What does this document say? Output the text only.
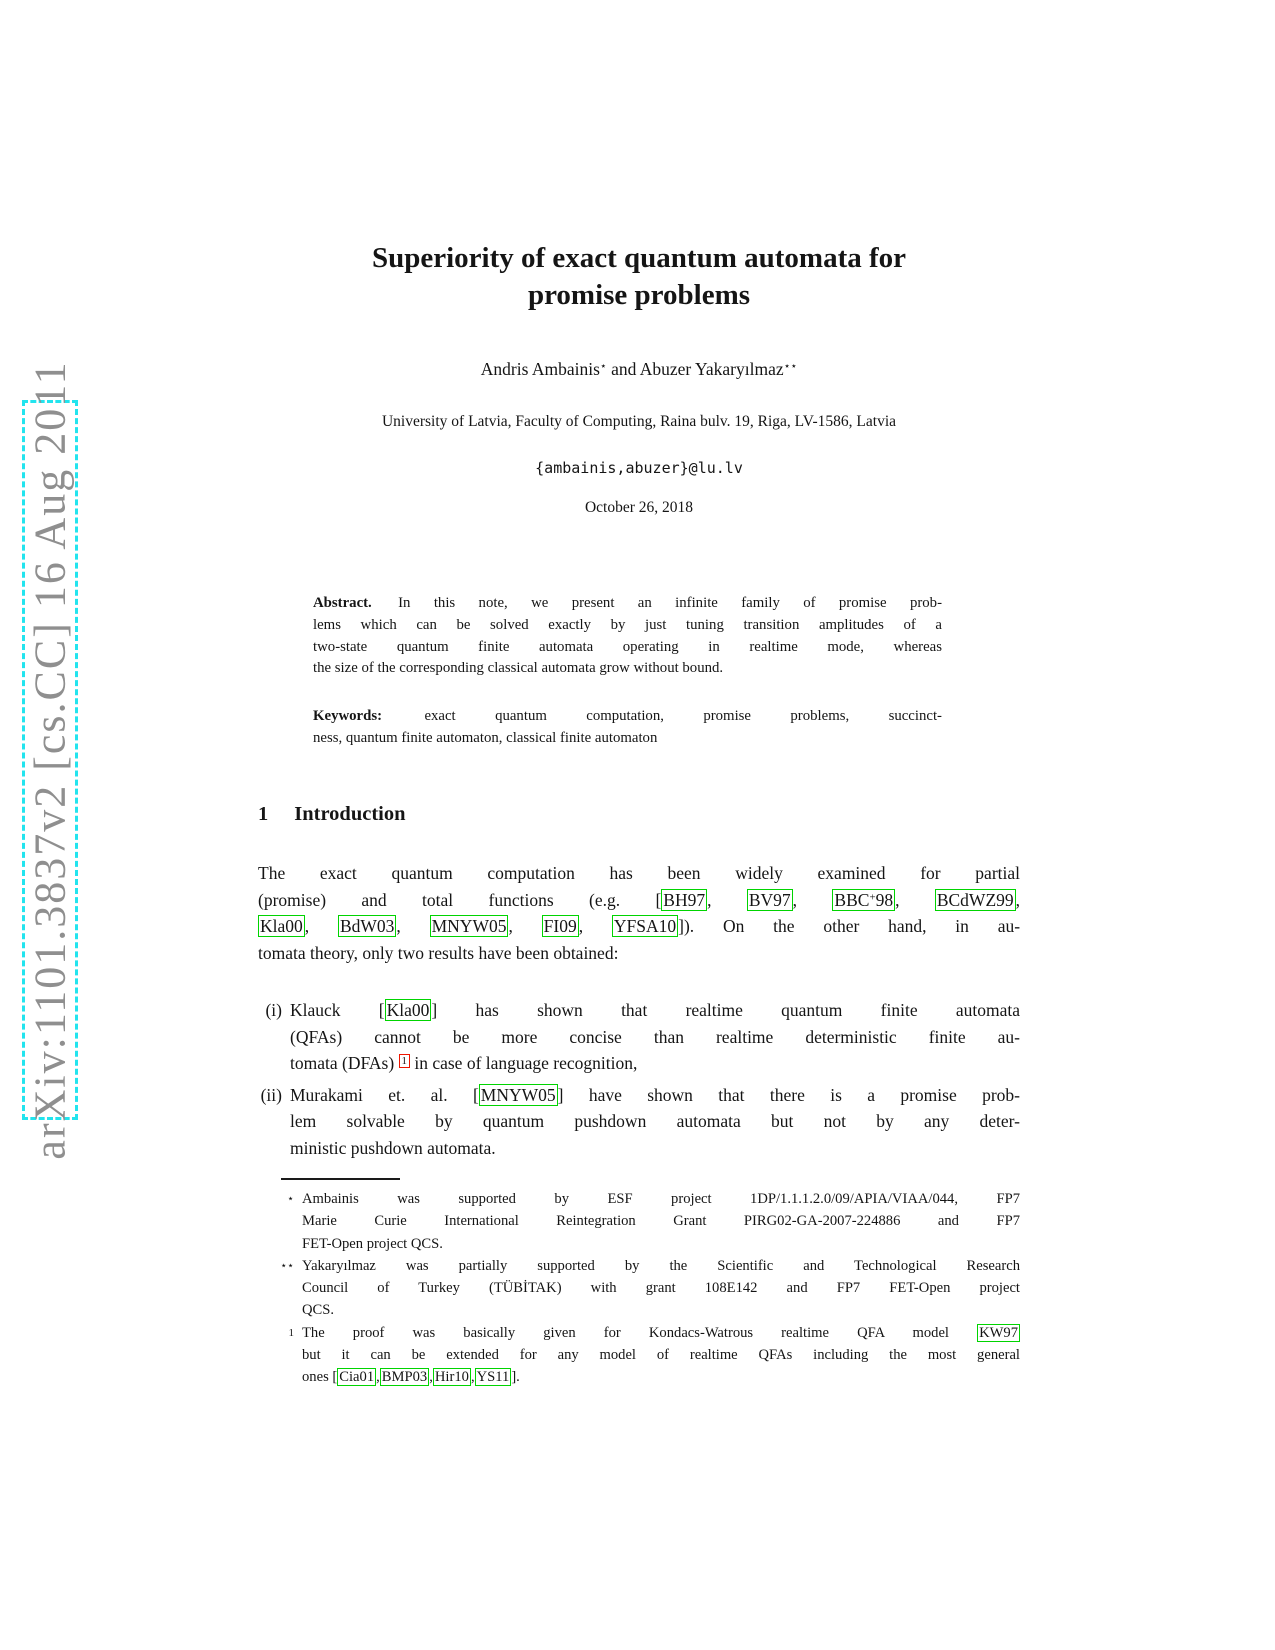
arXiv:1101.3837v2 [cs.CC] 16 Aug 2011
Superiority of exact quantum automata for
promise problems
Andris Ambainis⋆ and Abuzer Yakaryılmaz⋆⋆
University of Latvia, Faculty of Computing, Raina bulv. 19, Riga, LV-1586, Latvia
{ambainis,abuzer}@lu.lv
October 26, 2018
Abstract. In this note, we present an infinite family of promise prob-
lems which can be solved exactly by just tuning transition amplitudes of a
two-state quantum finite automata operating in realtime mode, whereas
the size of the corresponding classical automata grow without bound.
Keywords: exact quantum computation, promise problems, succinct-
ness, quantum finite automaton, classical finite automaton
1 Introduction
The exact quantum computation has been widely examined for partial
(promise) and total functions (e.g. [ BH97 , BV97 , BBC+98 , BCdWZ99 ,
Kla00 , BdW03 , MNYW05 , FI09 , YFSA10 ]). On the other hand, in au-
tomata theory, only two results have been obtained:
(i) Klauck [ Kla00 ] has shown that realtime quantum finite automata
(QFAs) cannot be more concise than realtime deterministic finite au-
tomata (DFAs) $^1$ in case of language recognition,
(ii) Murakami et. al. [ MNYW05 ] have shown that there is a promise prob-
lem solvable by quantum pushdown automata but not by any deter-
ministic pushdown automata.
⋆ Ambainis was supported by ESF project 1DP/1.1.1.2.0/09/APIA/VIAA/044, FP7
Marie Curie International Reintegration Grant PIRG02-GA-2007-224886 and FP7
FET-Open project QCS.
⋆⋆ Yakaryılmaz was partially supported by the Scientific and Technological Research
Council of Turkey (TÜBİTAK) with grant 108E142 and FP7 FET-Open project
QCS.
$^1$ The proof was basically given for Kondacs-Watrous realtime QFA model KW97
but it can be extended for any model of realtime QFAs including the most general
ones [ Cia01 , BMP03 , Hir10 , YS11 ].
